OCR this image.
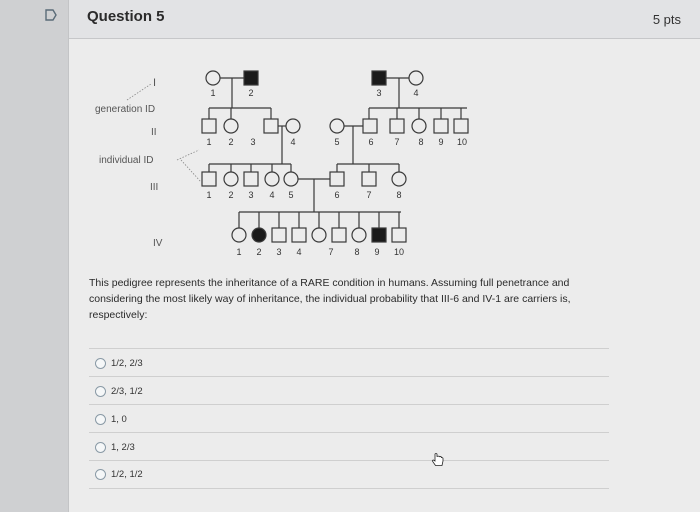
Question 5	5 pts
I
generation ID
II
individual ID
III
IV
1	2	3	4
1 2 3	4	5	6 7 8 9 10
1 2 3 4 5	6	7	8
1 2 3 4	7 8 9 10
This pedigree represents the inheritance of a RARE condition in humans. Assuming full penetrance and considering the most likely way of inheritance, the individual probability that III-6 and IV-1 are carriers is, respectively:
1/2, 2/3
2/3, 1/2
1, 0
1, 2/3
1/2, 1/2
